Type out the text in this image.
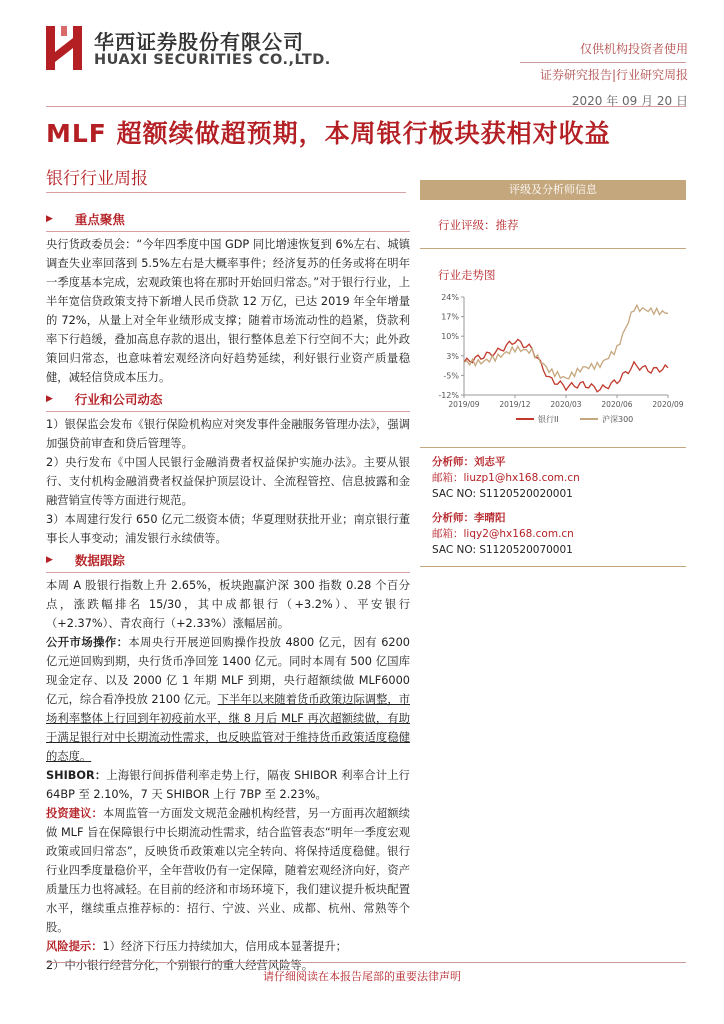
华西证券股份有限公司
HUAXI SECURITIES CO.,LTD.
仅供机构投资者使用
证券研究报告|行业研究周报
2020 年 09 月 20 日
MLF 超额续做超预期，本周银行板块获相对收益
银行行业周报
▶ 重点聚焦

央行货政委员会：“今年四季度中国 GDP 同比增速恢复到 6%左右、城镇调查失业率回落到 5.5%左右是大概率事件；经济复苏的任务或将在明年一季度基本完成，宏观政策也将在那时开始回归常态。”对于银行行业，上半年宽信贷政策支持下新增人民币贷款 12 万亿，已达 2019 年全年增量的 72%，从量上对全年业绩形成支撑；随着市场流动性的趋紧，贷款利率下行趋缓，叠加高息存款的退出，银行整体息差下行空间不大；此外政策回归常态，也意味着宏观经济向好趋势延续，利好银行业资产质量稳健，减轻信贷成本压力。

▶ 行业和公司动态

1）银保监会发布《银行保险机构应对突发事件金融服务管理办法》，强调加强贷前审查和贷后管理等。

2）央行发布《中国人民银行金融消费者权益保护实施办法》。主要从银行、支付机构金融消费者权益保护顶层设计、全流程管控、信息披露和金融营销宣传等方面进行规范。

3）本周建行发行 650 亿元二级资本债；华夏理财获批开业；南京银行董事长人事变动；浦发银行永续债等。

▶ 数据跟踪

本周 A 股银行指数上升 2.65%，板块跑赢沪深 300 指数 0.28 个百分点，涨跌幅排名 15/30，其中成都银行（+3.2%）、平安银行（+2.37%）、青农商行（+2.33%）涨幅居前。

公开市场操作：本周央行开展逆回购操作投放 4800 亿元，因有 6200 亿元逆回购到期，央行货币净回笼 1400 亿元。同时本周有 500 亿国库现金定存、以及 2000 亿 1 年期 MLF 到期，央行超额续做 MLF6000 亿元，综合看净投放 2100 亿元。下半年以来随着货币政策边际调整，市场利率整体上行回到年初疫前水平，继 8 月后 MLF 再次超额续做，有助于满足银行对中长期流动性需求，也反映监管对于维持货币政策适度稳健的态度。

SHIBOR：上海银行间拆借利率走势上行，隔夜 SHIBOR 利率合计上行 64BP 至 2.10%，7 天 SHIBOR 上行 7BP 至 2.23%。

投资建议：本周监管一方面发文规范金融机构经营，另一方面再次超额续做 MLF 旨在保障银行中长期流动性需求，结合监管表态“明年一季度宏观政策或回归常态”，反映货币政策难以完全转向、将保持适度稳健。银行行业四季度量稳价平，全年营收仍有一定保障，随着宏观经济向好，资产质量压力也将减轻。在目前的经济和市场环境下，我们建议提升板块配置水平，继续重点推荐标的：招行、宁波、兴业、成都、杭州、常熟等个股。

风险提示：1）经济下行压力持续加大，信用成本显著提升；

2）中小银行经营分化，个别银行的重大经营风险等。

评级及分析师信息
行业评级：推荐
行业走势图
24%
17%
10%
3%
-5%
-12%
2019/09	2019/12	2020/03	2020/06	2020/09
银行II	沪深300
分析师：刘志平
邮箱：liuzp1@hx168.com.cn
SAC NO: S1120520020001
分析师：李晴阳
邮箱：liqy2@hx168.com.cn
SAC NO: S1120520070001
请仔细阅读在本报告尾部的重要法律声明
